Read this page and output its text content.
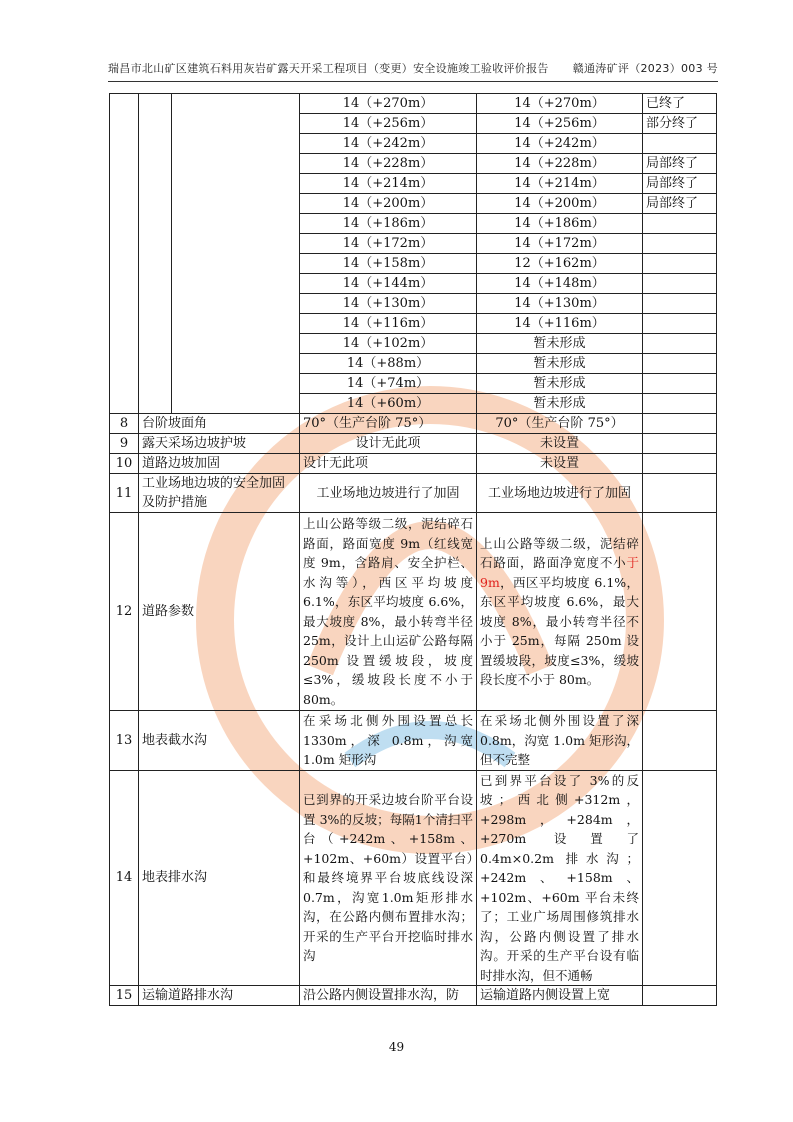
瑞昌市北山矿区建筑石料用灰岩矿露天开采工程项目（变更）安全设施竣工验收评价报告 赣通涛矿评（2023）003 号
			14（+270m）	14（+270m）	已终了
			14（+256m）	14（+256m）	部分终了
			14（+242m）	14（+242m）	
			14（+228m）	14（+228m）	局部终了
			14（+214m）	14（+214m）	局部终了
			14（+200m）	14（+200m）	局部终了
			14（+186m）	14（+186m）	
			14（+172m）	14（+172m）	
			14（+158m）	12（+162m）	
			14（+144m）	14（+148m）	
			14（+130m）	14（+130m）	
			14（+116m）	14（+116m）	
			14（+102m）	暂未形成	
			14（+88m）	暂未形成	
			14（+74m）	暂未形成	
			14（+60m）	暂未形成	
8	台阶坡面角		70°（生产台阶 75°）	70°（生产台阶 75°）	
9	露天采场边坡护坡		设计无此项	未设置	
10	道路边坡加固		设计无此项	未设置	
11	工业场地边坡的安全加固及防护措施		工业场地边坡进行了加固	工业场地边坡进行了加固	
12	道路参数		上山公路等级二级，泥结碎石路面，路面宽度 9m（红线宽度 9m，含路肩、安全护栏、水沟等），西区平均坡度 6.1%，东区平均坡度 6.6%，最大坡度 8%，最小转弯半径 25m，设计上山运矿公路每隔 250m 设置缓坡段，坡度≤3%，缓坡段长度不小于 80m。	上山公路等级二级，泥结碎石路面，路面净宽度不小于 9m，西区平均坡度 6.1%，东区平均坡度 6.6%，最大坡度 8%，最小转弯半径不小于 25m，每隔 250m 设置缓坡段，坡度≤3%，缓坡段长度不小于 80m。	
13	地表截水沟		在采场北侧外围设置总长 1330m，深 0.8m，沟宽 1.0m 矩形沟	在采场北侧外围设置了深 0.8m，沟宽 1.0m 矩形沟，但不完整	
14	地表排水沟		已到界的开采边坡台阶平台设置 3%的反坡；每隔1个清扫平台（+242m、+158m、+102m、+60m）设置平台）和最终境界平台坡底线设深0.7m，沟宽1.0m矩形排水沟，在公路内侧布置排水沟；开采的生产平台开挖临时排水沟	已到界平台设了 3%的反坡；西北侧+312m，+298m，+284m，+270m 设置了 0.4m×0.2m 排水沟；+242m、+158m、+102m、+60m 平台未终了；工业广场周围修筑排水沟，公路内侧设置了排水沟。开采的生产平台设有临时排水沟，但不通畅	
15	运输道路排水沟		沿公路内侧设置排水沟，防	运输道路内侧设置上宽	
49
